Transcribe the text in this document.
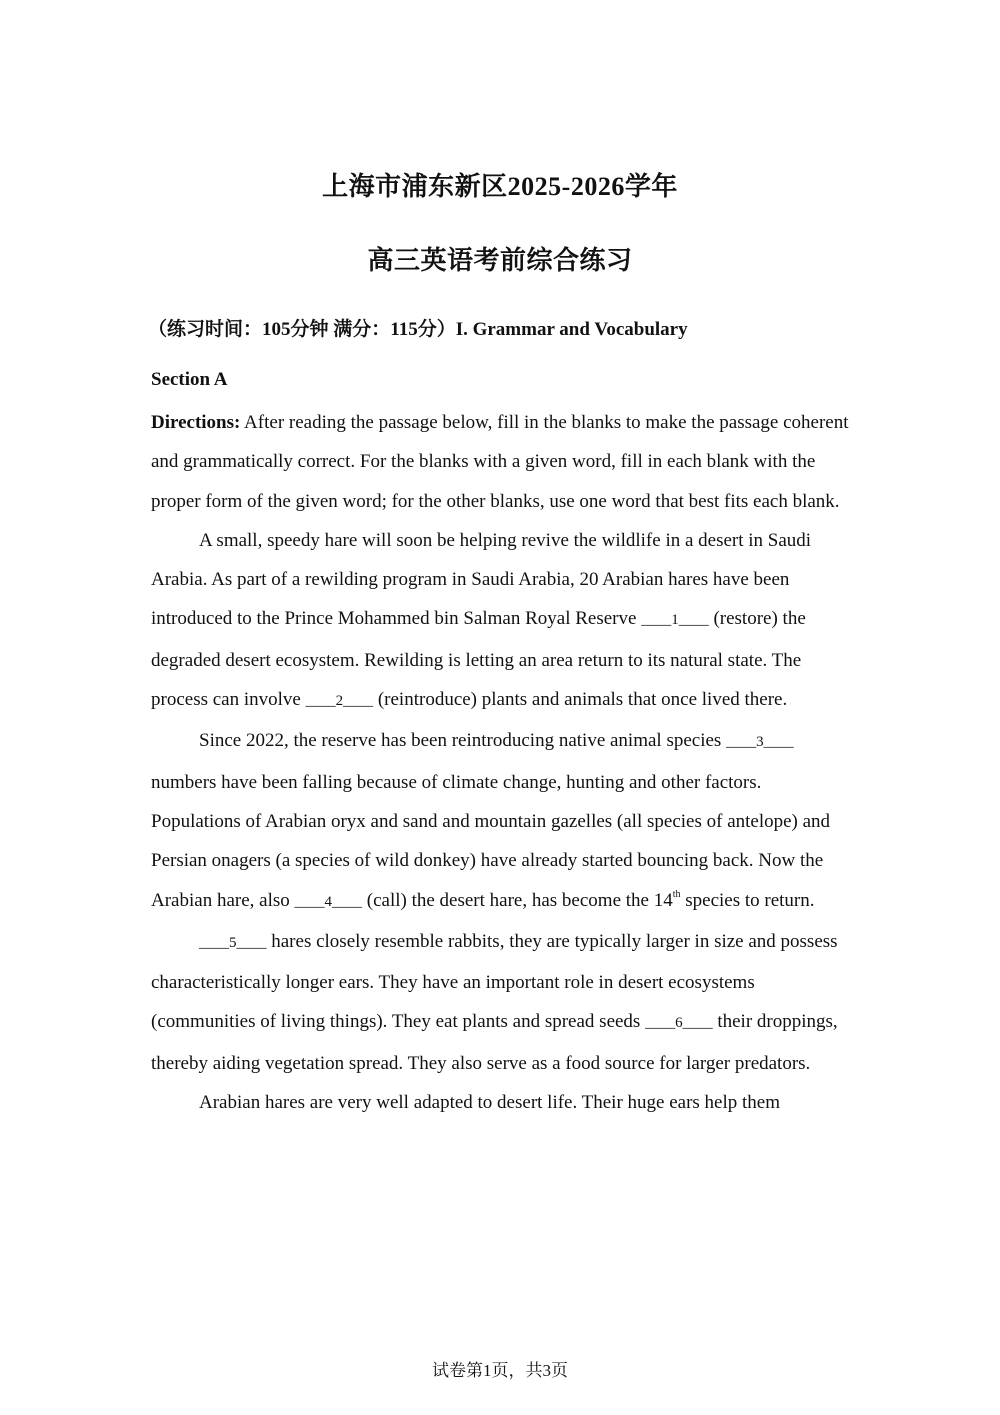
上海市浦东新区2025-2026学年
高三英语考前综合练习
（练习时间：105分钟 满分：115分）I. Grammar and Vocabulary
Section A

Directions: After reading the passage below, fill in the blanks to make the passage coherent and grammatically correct. For the blanks with a given word, fill in each blank with the proper form of the given word; for the other blanks, use one word that best fits each blank.

A small, speedy hare will soon be helping revive the wildlife in a desert in Saudi Arabia. As part of a rewilding program in Saudi Arabia, 20 Arabian hares have been introduced to the Prince Mohammed bin Salman Royal Reserve ____1____ (restore) the degraded desert ecosystem. Rewilding is letting an area return to its natural state. The process can involve ____2____ (reintroduce) plants and animals that once lived there.

Since 2022, the reserve has been reintroducing native animal species ____3____ numbers have been falling because of climate change, hunting and other factors. Populations of Arabian oryx and sand and mountain gazelles (all species of antelope) and Persian onagers (a species of wild donkey) have already started bouncing back. Now the Arabian hare, also ____4____ (call) the desert hare, has become the 14th species to return.

____5____ hares closely resemble rabbits, they are typically larger in size and possess characteristically longer ears. They have an important role in desert ecosystems (communities of living things). They eat plants and spread seeds ____6____ their droppings, thereby aiding vegetation spread. They also serve as a food source for larger predators.

Arabian hares are very well adapted to desert life. Their huge ears help them

试卷第1页，共3页
